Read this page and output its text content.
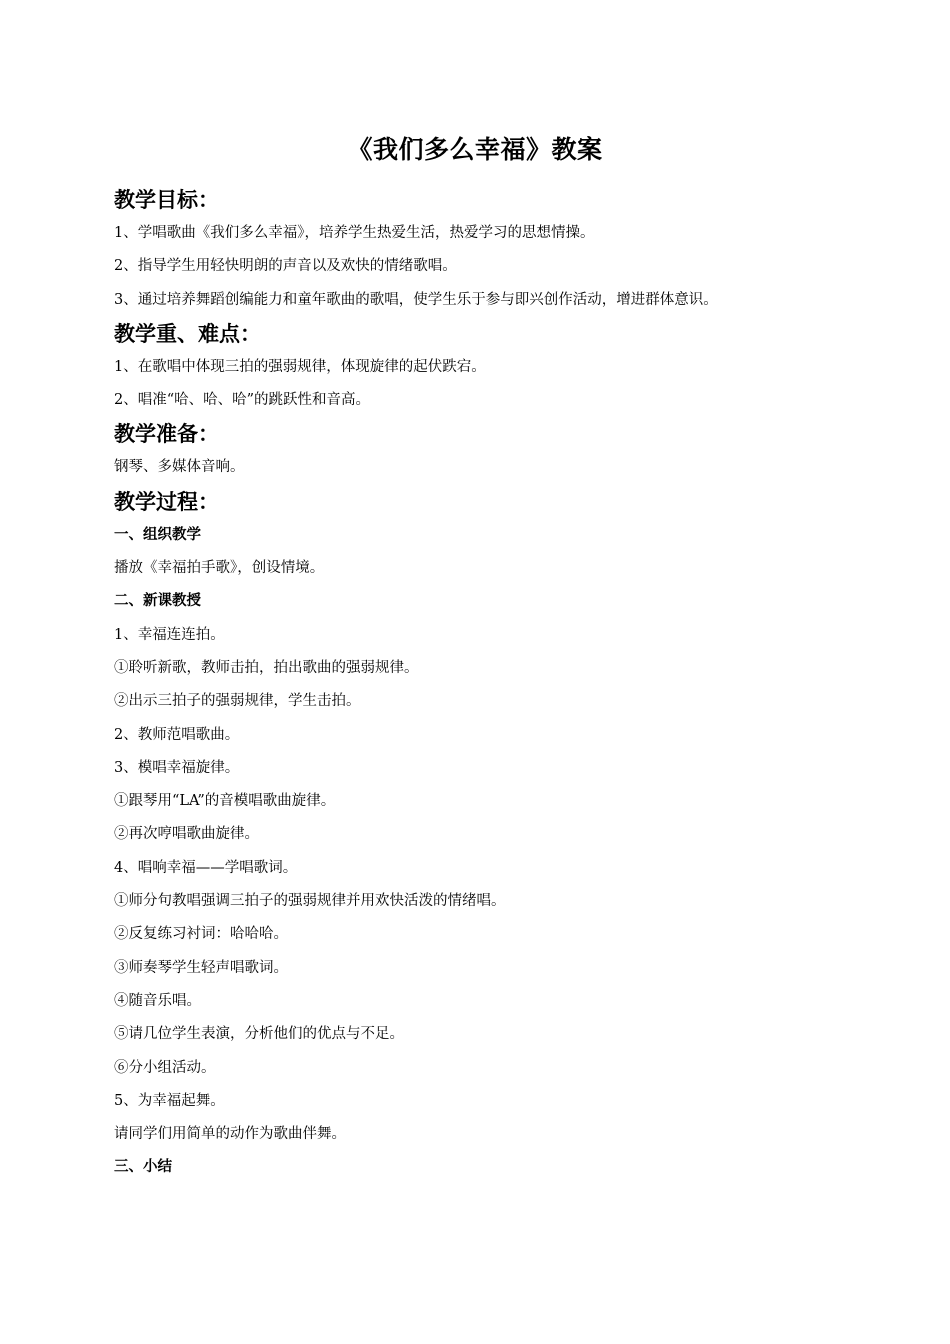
《我们多么幸福》教案
教学目标：
1、学唱歌曲《我们多么幸福》，培养学生热爱生活，热爱学习的思想情操。
2、指导学生用轻快明朗的声音以及欢快的情绪歌唱。
3、通过培养舞蹈创编能力和童年歌曲的歌唱，使学生乐于参与即兴创作活动，增进群体意识。
教学重、难点：
1、在歌唱中体现三拍的强弱规律，体现旋律的起伏跌宕。
2、唱准“哈、哈、哈”的跳跃性和音高。
教学准备：
钢琴、多媒体音响。
教学过程：
一、组织教学
播放《幸福拍手歌》，创设情境。
二、新课教授
1、幸福连连拍。
①聆听新歌，教师击拍，拍出歌曲的强弱规律。
②出示三拍子的强弱规律，学生击拍。
2、教师范唱歌曲。
3、模唱幸福旋律。
①跟琴用“LA”的音模唱歌曲旋律。
②再次哼唱歌曲旋律。
4、唱响幸福——学唱歌词。
①师分句教唱强调三拍子的强弱规律并用欢快活泼的情绪唱。
②反复练习衬词：哈哈哈。
③师奏琴学生轻声唱歌词。
④随音乐唱。
⑤请几位学生表演，分析他们的优点与不足。
⑥分小组活动。
5、为幸福起舞。
请同学们用简单的动作为歌曲伴舞。
三、小结
